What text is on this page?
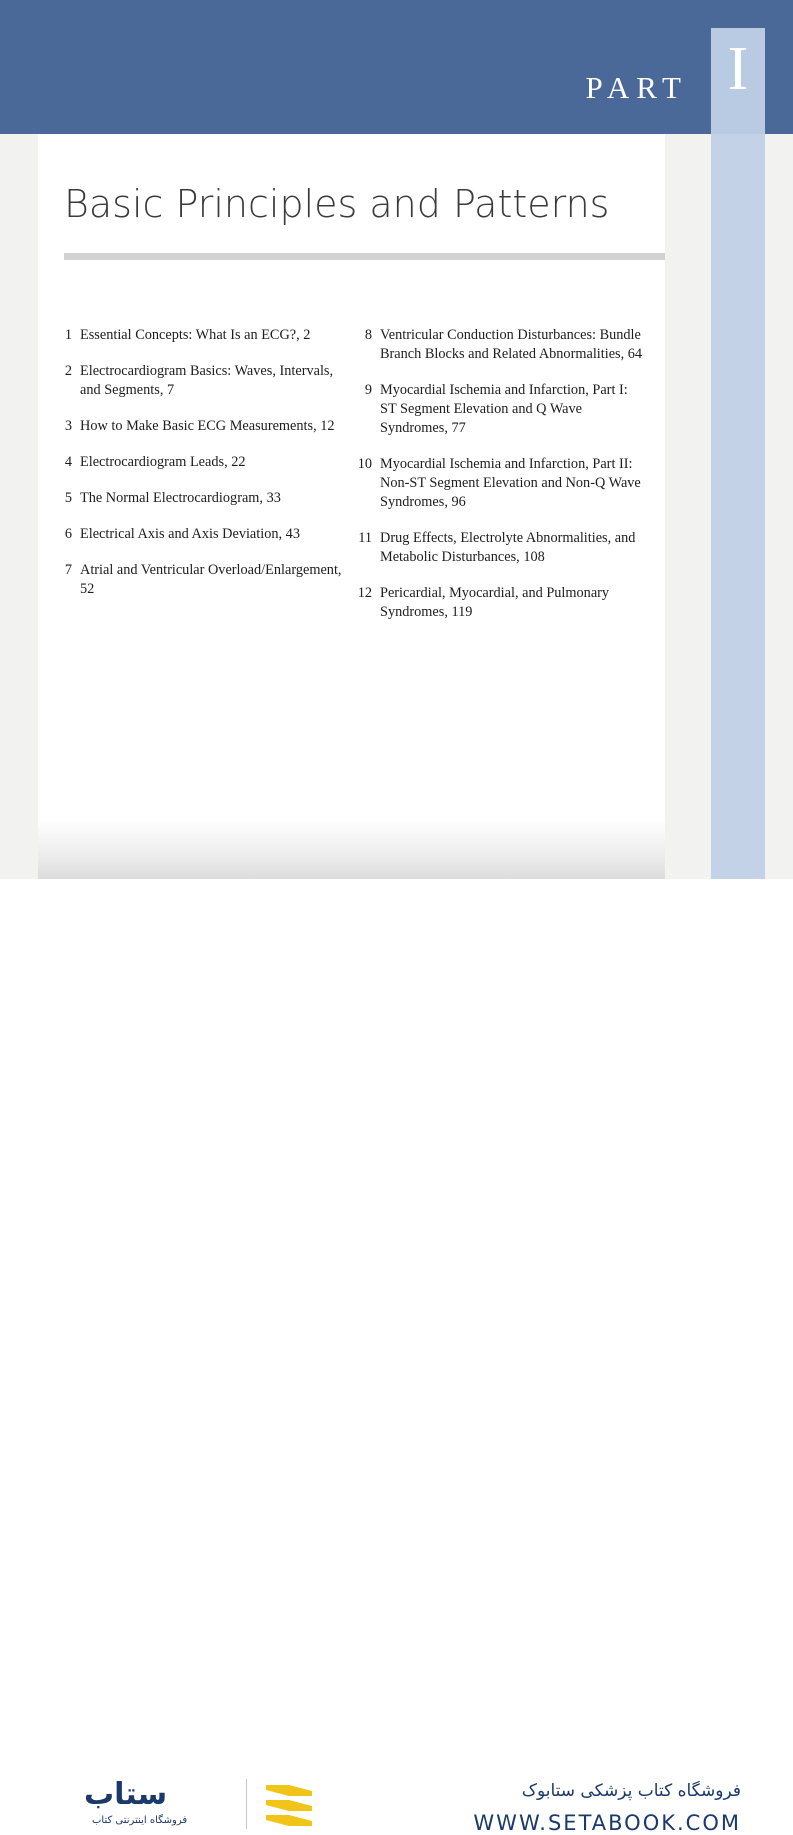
PART I
Basic Principles and Patterns
1 Essential Concepts: What Is an ECG?, 2
2 Electrocardiogram Basics: Waves, Intervals, and Segments, 7
3 How to Make Basic ECG Measurements, 12
4 Electrocardiogram Leads, 22
5 The Normal Electrocardiogram, 33
6 Electrical Axis and Axis Deviation, 43
7 Atrial and Ventricular Overload/Enlargement, 52
8 Ventricular Conduction Disturbances: Bundle Branch Blocks and Related Abnormalities, 64
9 Myocardial Ischemia and Infarction, Part I: ST Segment Elevation and Q Wave Syndromes, 77
10 Myocardial Ischemia and Infarction, Part II: Non-ST Segment Elevation and Non-Q Wave Syndromes, 96
11 Drug Effects, Electrolyte Abnormalities, and Metabolic Disturbances, 108
12 Pericardial, Myocardial, and Pulmonary Syndromes, 119
ستاب
فروشگاه اینترنتی کتاب
فروشگاه کتاب پزشکی ستابوک
WWW.SETABOOK.COM
